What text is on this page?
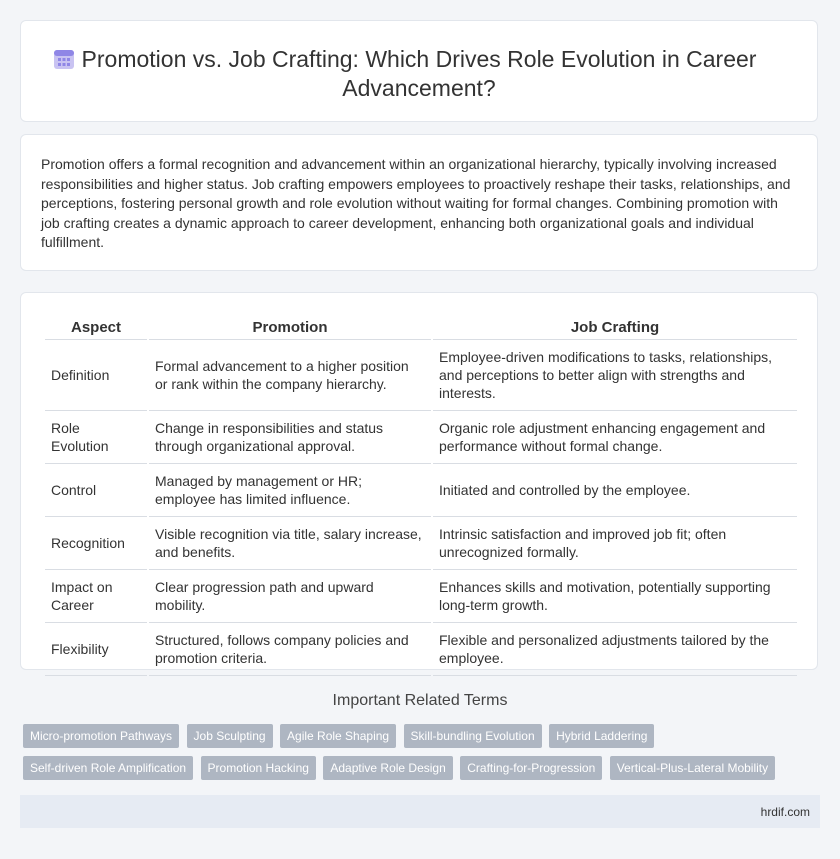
Promotion vs. Job Crafting: Which Drives Role Evolution in Career Advancement?

Promotion offers a formal recognition and advancement within an organizational hierarchy, typically involving increased responsibilities and higher status. Job crafting empowers employees to proactively reshape their tasks, relationships, and perceptions, fostering personal growth and role evolution without waiting for formal changes. Combining promotion with job crafting creates a dynamic approach to career development, enhancing both organizational goals and individual fulfillment.

Aspect	Promotion	Job Crafting
Definition	Formal advancement to a higher position or rank within the company hierarchy.	Employee-driven modifications to tasks, relationships, and perceptions to better align with strengths and interests.
Role Evolution	Change in responsibilities and status through organizational approval.	Organic role adjustment enhancing engagement and performance without formal change.
Control	Managed by management or HR; employee has limited influence.	Initiated and controlled by the employee.
Recognition	Visible recognition via title, salary increase, and benefits.	Intrinsic satisfaction and improved job fit; often unrecognized formally.
Impact on Career	Clear progression path and upward mobility.	Enhances skills and motivation, potentially supporting long-term growth.
Flexibility	Structured, follows company policies and promotion criteria.	Flexible and personalized adjustments tailored by the employee.
Important Related Terms
Micro-promotion Pathways Job Sculpting Agile Role Shaping Skill-bundling Evolution Hybrid Laddering Self-driven Role Amplification Promotion Hacking Adaptive Role Design Crafting-for-Progression Vertical-Plus-Lateral Mobility
hrdif.com
